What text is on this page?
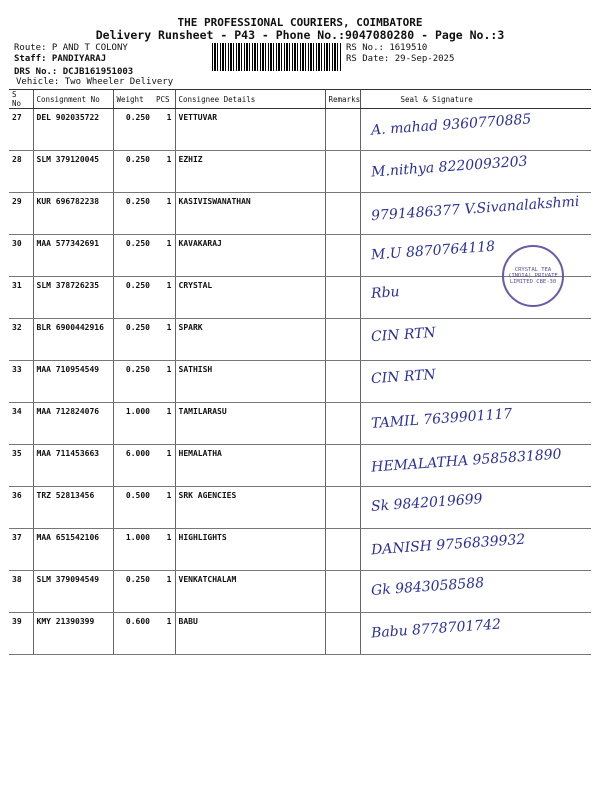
THE PROFESSIONAL COURIERS, COIMBATORE
Delivery Runsheet - P43 - Phone No.:9047080280 - Page No.:3
Route: P AND T COLONY
Staff: PANDIYARAJ
DRS No.: DCJB161951003
Vehicle: Two Wheeler Delivery
RS No.: 1619510
RS Date: 29-Sep-2025
S No	Consignment No	Weight	PCS	Consignee Details	Remarks	Seal & Signature
27	DEL 902035722	0.250	1	VETTUVAR		A. mahad 9360770885

28	SLM 379120045	0.250	1	EZHIZ		M.nithya 8220093203

29	KUR 696782238	0.250	1	KASIVISWANATHAN		9791486377 V.Sivanalakshmi

30	MAA 577342691	0.250	1	KAVAKARAJ		M.U 8870764118

31	SLM 378726235	0.250	1	CRYSTAL		Rbu

32	BLR 6900442916	0.250	1	SPARK		CIN RTN

33	MAA 710954549	0.250	1	SATHISH		CIN RTN

34	MAA 712824076	1.000	1	TAMILARASU		TAMIL 7639901117

35	MAA 711453663	6.000	1	HEMALATHA		HEMALATHA 9585831890

36	TRZ 52813456	0.500	1	SRK AGENCIES		Sk 9842019699

37	MAA 651542106	1.000	1	HIGHLIGHTS		DANISH 9756839932

38	SLM 379094549	0.250	1	VENKATCHALAM		Gk 9843058588

39	KMY 21390399	0.600	1	BABU		Babu 8778701742
CRYSTAL TEA (INDIA) PRIVATE LIMITED CBE-30
